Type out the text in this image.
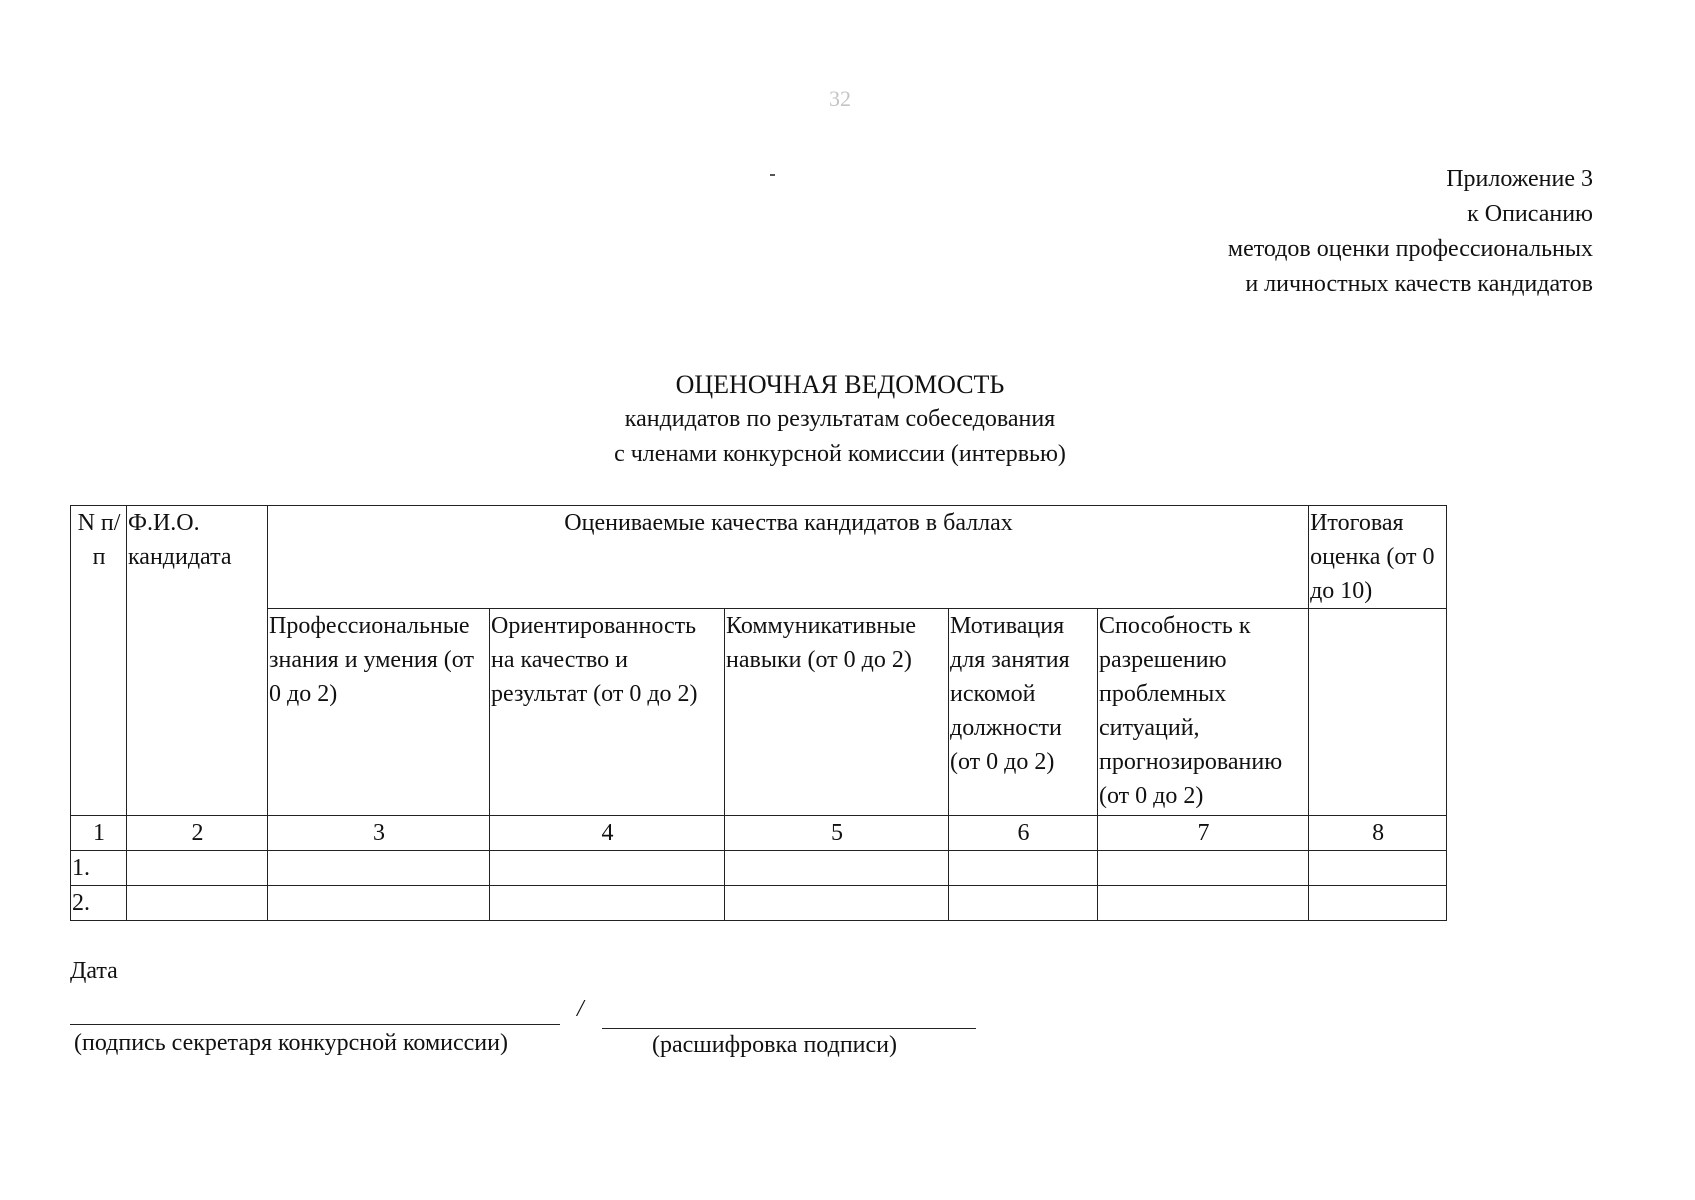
32
Приложение 3
к Описанию
методов оценки профессиональных
и личностных качеств кандидатов
ОЦЕНОЧНАЯ ВЕДОМОСТЬ
кандидатов по результатам собеседования
с членами конкурсной комиссии (интервью)
N п/п	Ф.И.О. кандидата	Оцениваемые качества кандидатов в баллах					Итоговая оценка (от 0 до 10)
		Профессиональные знания и умения (от 0 до 2)	Ориентированность на качество и результат (от 0 до 2)	Коммуникативные навыки (от 0 до 2)	Мотивация для занятия искомой должности (от 0 до 2)	Способность к разрешению проблемных ситуаций, прогнозированию (от 0 до 2)	
1	2	3	4	5	6	7	8
1.							
2.							
Дата
/
(подпись секретаря конкурсной комиссии)	(расшифровка подписи)
